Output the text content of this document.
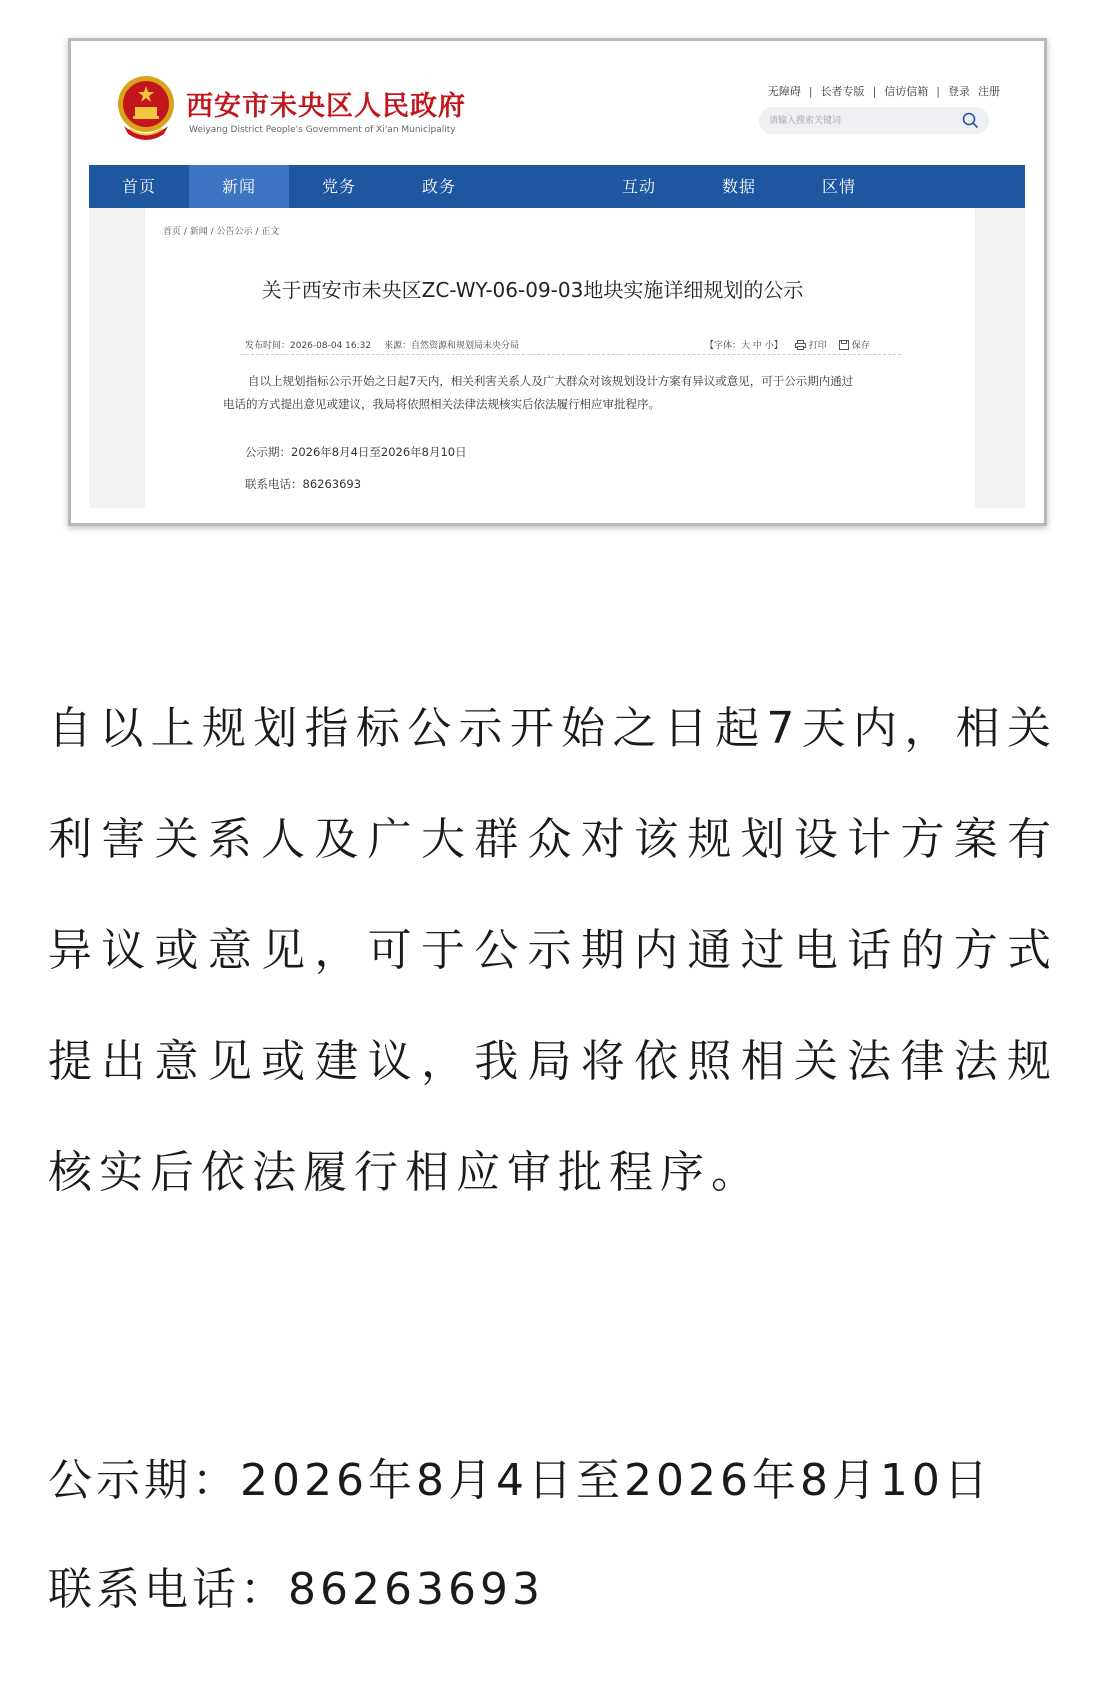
西安市未央区人民政府
Weiyang District People's Government of Xi'an Municipality
无障碍 | 长者专版 | 信访信箱 | 登录 注册
请输入搜索关键词
首页	新闻	党务	政务	互动	数据	区情
首页 / 新闻 / 公告公示 / 正文
关于西安市未央区ZC-WY-06-09-03地块实施详细规划的公示
发布时间：2026-08-04 16:32 来源：自然资源和规划局未央分局	【字体：大 中 小】	打印	保存

自以上规划指标公示开始之日起7天内，相关利害关系人及广大群众对该规划设计方案有异议或意见，可于公示期内通过电话的方式提出意见或建议，我局将依照相关法律法规核实后依法履行相应审批程序。

公示期：2026年8月4日至2026年8月10日
联系电话：86263693

自以上规划指标公示开始之日起7天内，相关利害关系人及广大群众对该规划设计方案有异议或意见，可于公示期内通过电话的方式提出意见或建议，我局将依照相关法律法规核实后依法履行相应审批程序。

公示期：2026年8月4日至2026年8月10日
联系电话：86263693
